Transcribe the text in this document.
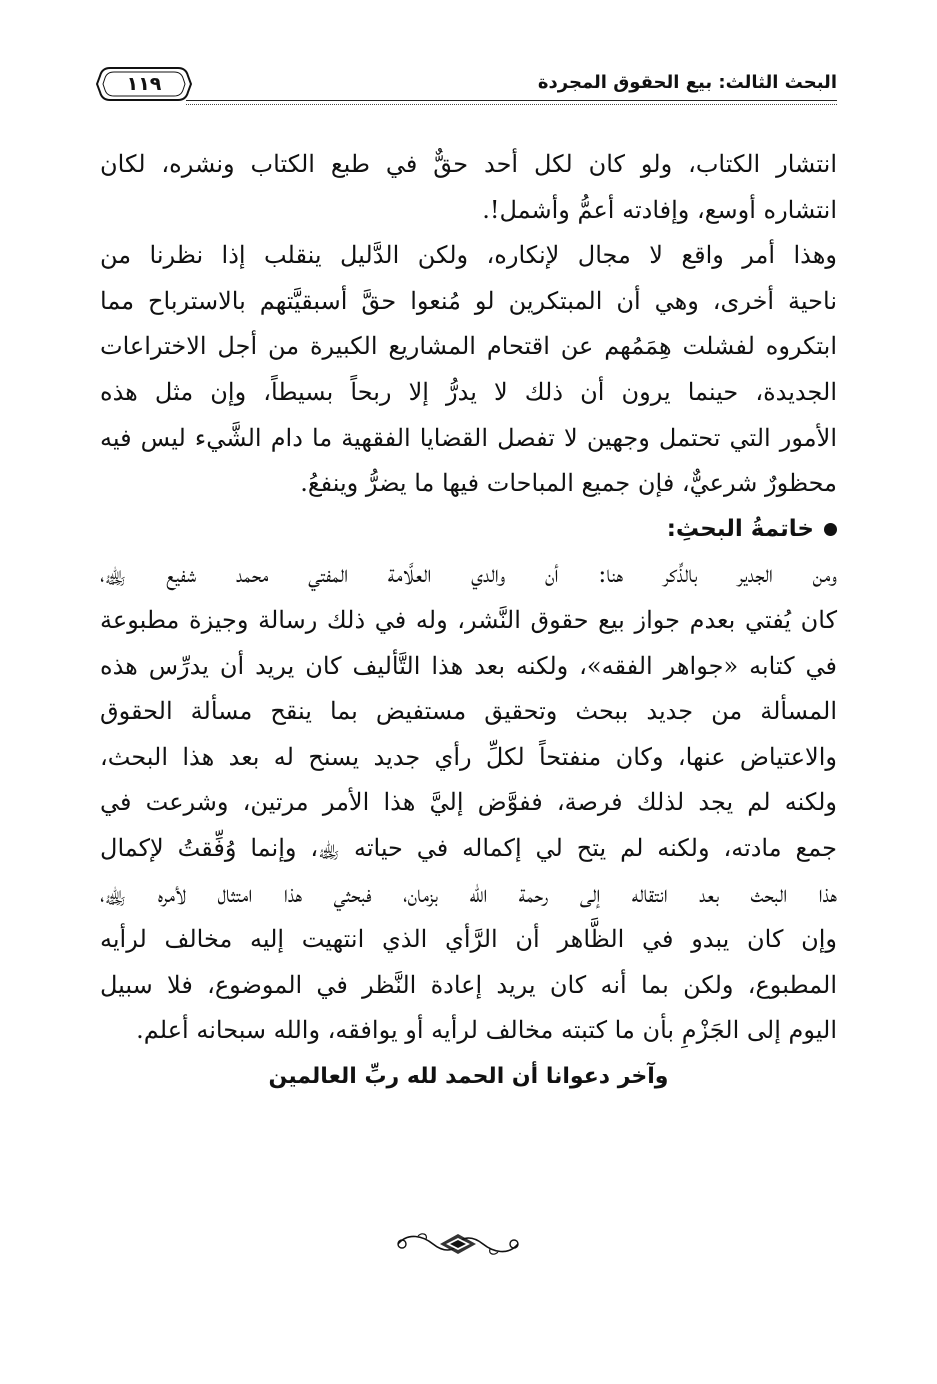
البحث الثالث: بيع الحقوق المجردة
١١٩
انتشار الكتاب، ولو كان لكل أحد حقٌّ في طبع الكتاب ونشره، لكان
انتشاره أوسع، وإفادته أعمُّ وأشمل!.
وهذا أمر واقع لا مجال لإنكاره، ولكن الدَّليل ينقلب إذا نظرنا من
ناحية أخرى، وهي أن المبتكرين لو مُنعوا حقَّ أسبقيَّتهم بالاسترباح مما
ابتكروه لفشلت هِمَمُهم عن اقتحام المشاريع الكبيرة من أجل الاختراعات
الجديدة، حينما يرون أن ذلك لا يدرُّ إلا ربحاً بسيطاً، وإن مثل هذه
الأمور التي تحتمل وجهين لا تفصل القضايا الفقهية ما دام الشَّيء ليس فيه
محظورٌ شرعيٌّ، فإن جميع المباحات فيها ما يضرُّ وينفعُ.
خاتمةُ البحثِ:
ومن الجدير بالذِّكر هنا: أن والدي العلَّامة المفتي محمد شفيع ﵀،
كان يُفتي بعدم جواز بيع حقوق النَّشر، وله في ذلك رسالة وجيزة مطبوعة
في كتابه «جواهر الفقه»، ولكنه بعد هذا التَّأليف كان يريد أن يدرِّس هذه
المسألة من جديد ببحث وتحقيق مستفيض بما ينقح مسألة الحقوق
والاعتياض عنها، وكان منفتحاً لكلِّ رأي جديد يسنح له بعد هذا البحث،
ولكنه لم يجد لذلك فرصة، ففوَّض إليَّ هذا الأمر مرتين، وشرعت في
جمع مادته، ولكنه لم يتح لي إكماله في حياته ﵀، وإنما وُفِّقتُ لإكمال
هذا البحث بعد انتقاله إلى رحمة الله بزمان، فبحثي هذا امتثال لأمره ﵀،
وإن كان يبدو في الظَّاهر أن الرَّأي الذي انتهيت إليه مخالف لرأيه
المطبوع، ولكن بما أنه كان يريد إعادة النَّظر في الموضوع، فلا سبيل
اليوم إلى الجَزْمِ بأن ما كتبته مخالف لرأيه أو يوافقه، والله سبحانه أعلم.
وآخر دعوانا أن الحمد لله ربِّ العالمين
